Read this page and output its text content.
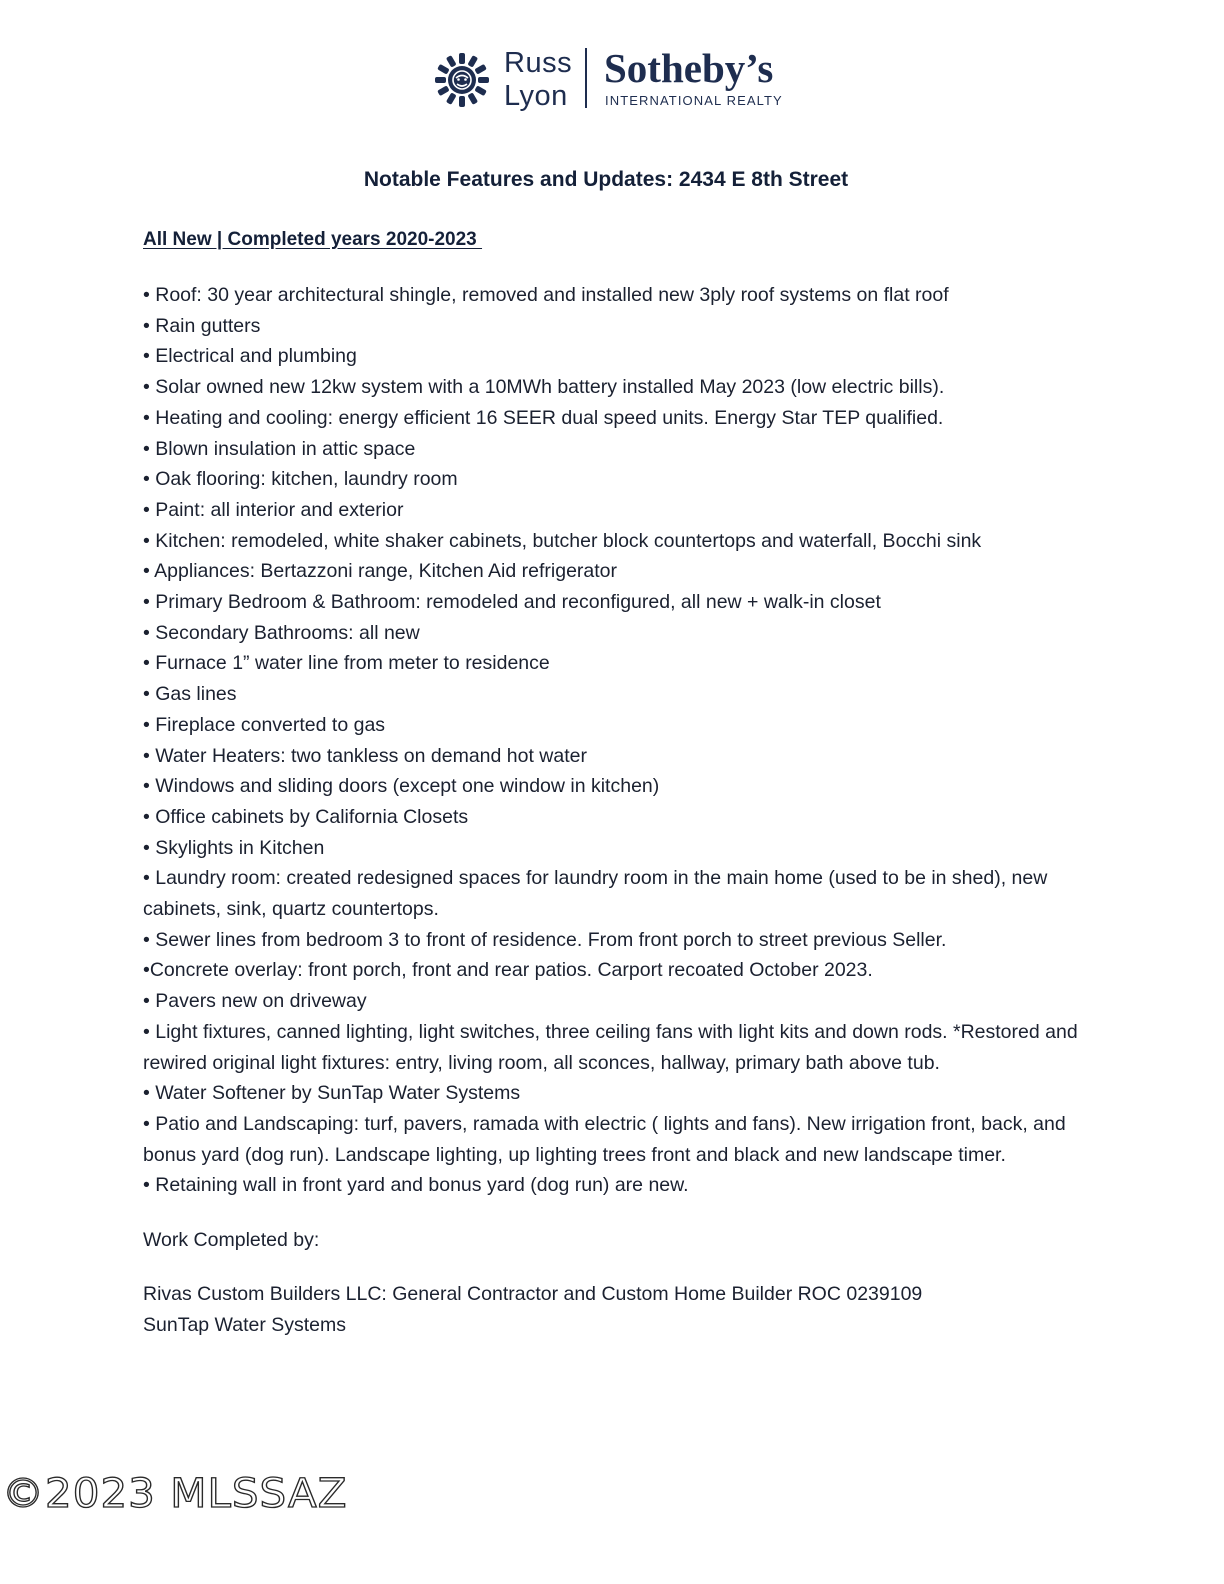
Russ
Lyon
Sotheby’s
INTERNATIONAL REALTY
Notable Features and Updates: 2434 E 8th Street
All New | Completed years 2020-2023
• Roof: 30 year architectural shingle, removed and installed new 3ply roof systems on flat roof
• Rain gutters
• Electrical and plumbing
• Solar owned new 12kw system with a 10MWh battery installed May 2023 (low electric bills).
• Heating and cooling: energy efficient 16 SEER dual speed units. Energy Star TEP qualified.
• Blown insulation in attic space
• Oak flooring: kitchen, laundry room
• Paint: all interior and exterior
• Kitchen: remodeled, white shaker cabinets, butcher block countertops and waterfall, Bocchi sink
• Appliances: Bertazzoni range, Kitchen Aid refrigerator
• Primary Bedroom & Bathroom: remodeled and reconfigured, all new + walk-in closet
• Secondary Bathrooms: all new
• Furnace 1” water line from meter to residence
• Gas lines
• Fireplace converted to gas
• Water Heaters: two tankless on demand hot water
• Windows and sliding doors (except one window in kitchen)
• Office cabinets by California Closets
• Skylights in Kitchen
• Laundry room: created redesigned spaces for laundry room in the main home (used to be in shed), new cabinets, sink, quartz countertops.
• Sewer lines from bedroom 3 to front of residence. From front porch to street previous Seller.
•Concrete overlay: front porch, front and rear patios. Carport recoated October 2023.
• Pavers new on driveway
• Light fixtures, canned lighting, light switches, three ceiling fans with light kits and down rods. *Restored and rewired original light fixtures: entry, living room, all sconces, hallway, primary bath above tub.
• Water Softener by SunTap Water Systems
• Patio and Landscaping: turf, pavers, ramada with electric ( lights and fans). New irrigation front, back, and bonus yard (dog run). Landscape lighting, up lighting trees front and black and new landscape timer.
• Retaining wall in front yard and bonus yard (dog run) are new.
Work Completed by:
Rivas Custom Builders LLC: General Contractor and Custom Home Builder ROC 0239109
SunTap Water Systems
©2023 MLSSAZ
